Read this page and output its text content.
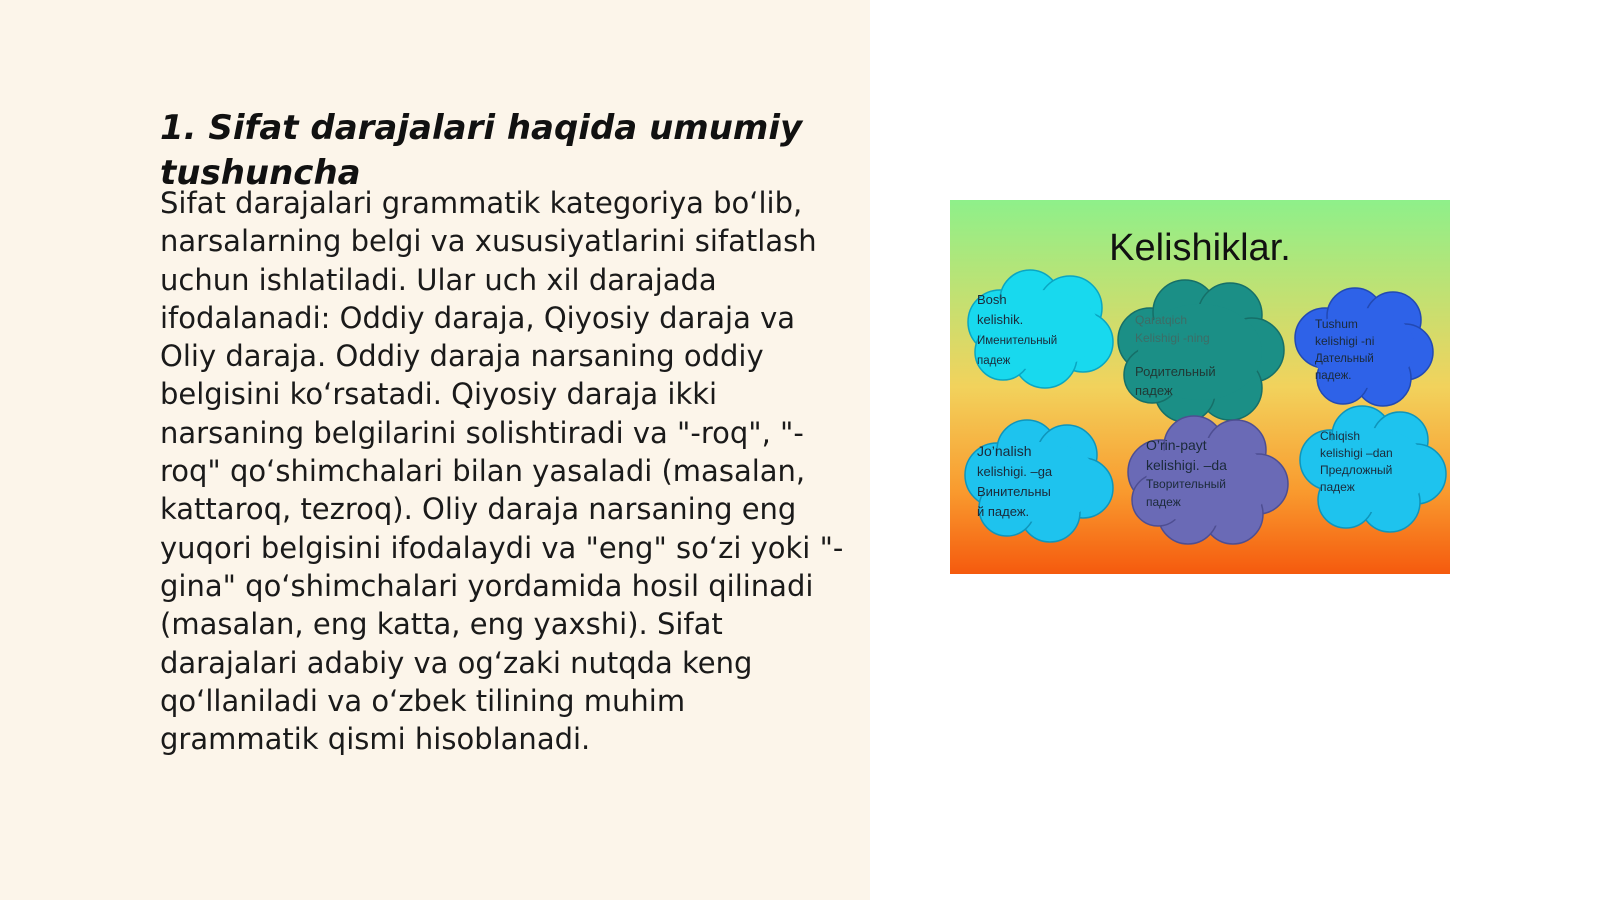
1. Sifat darajalari haqida umumiy tushuncha

Sifat darajalari grammatik kategoriya bo‘lib, narsalarning belgi va xususiyatlarini sifatlash uchun ishlatiladi. Ular uch xil darajada ifodalanadi: Oddiy daraja, Qiyosiy daraja va Oliy daraja. Oddiy daraja narsaning oddiy belgisini ko‘rsatadi. Qiyosiy daraja ikki narsaning belgilarini solishtiradi va "-roq", "-roq" qo‘shimchalari bilan yasaladi (masalan, kattaroq, tezroq). Oliy daraja narsaning eng yuqori belgisini ifodalaydi va "eng" so‘zi yoki "-gina" qo‘shimchalari yordamida hosil qilinadi (masalan, eng katta, eng yaxshi). Sifat darajalari adabiy va og‘zaki nutqda keng qo‘llaniladi va o‘zbek tilining muhim grammatik qismi hisoblanadi.

Kelishiklar.
Bosh
kelishik.
Именительный
падеж
Qaratqich
Kelishigi -ning
Родительный
падеж
Tushum
kelishigi -ni
Дательный
падеж.
Jo’nalish
kelishigi. –ga
Винительны
й падеж.
O’rin-payt
kelishigi. –da
Творительный
падеж
Chiqish
kelishigi –dan
Предложный
падеж
